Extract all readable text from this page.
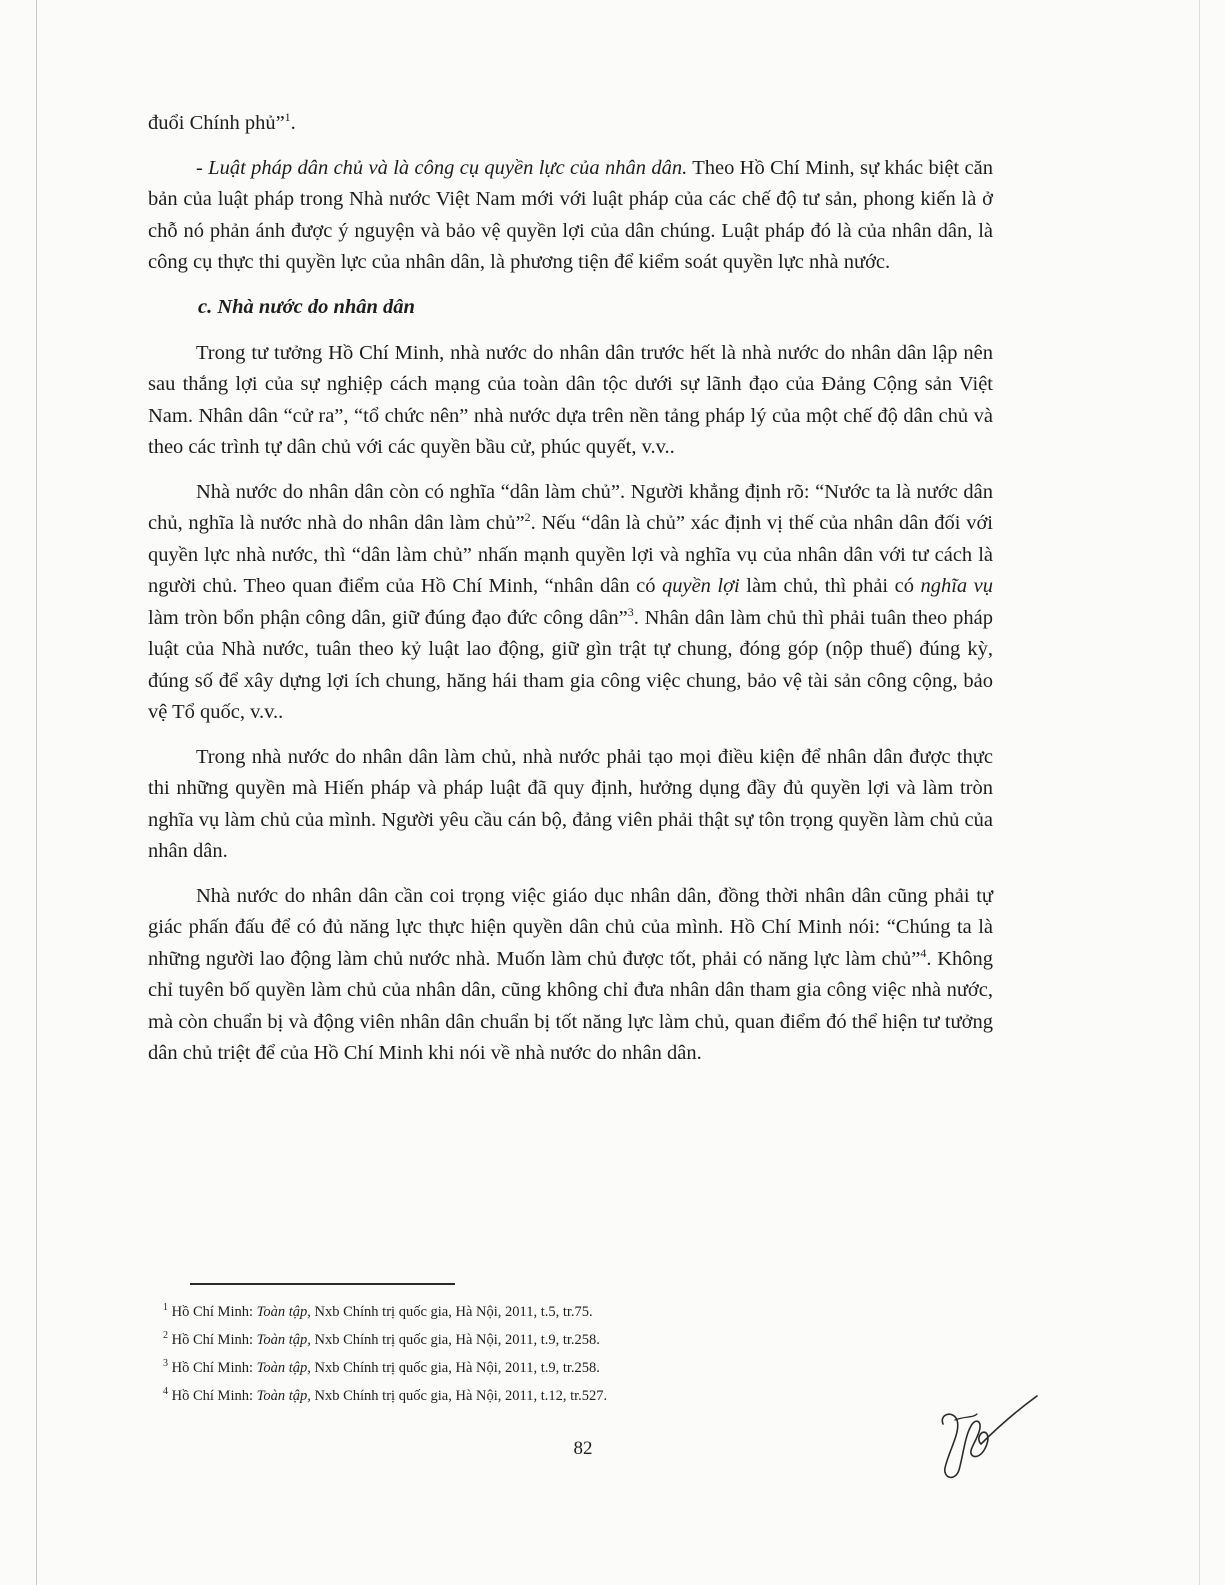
đuổi Chính phủ”$^1$.

- Luật pháp dân chủ và là công cụ quyền lực của nhân dân. Theo Hồ Chí Minh, sự khác biệt căn bản của luật pháp trong Nhà nước Việt Nam mới với luật pháp của các chế độ tư sản, phong kiến là ở chỗ nó phản ánh được ý nguyện và bảo vệ quyền lợi của dân chúng. Luật pháp đó là của nhân dân, là công cụ thực thi quyền lực của nhân dân, là phương tiện để kiểm soát quyền lực nhà nước.

c. Nhà nước do nhân dân

Trong tư tưởng Hồ Chí Minh, nhà nước do nhân dân trước hết là nhà nước do nhân dân lập nên sau thắng lợi của sự nghiệp cách mạng của toàn dân tộc dưới sự lãnh đạo của Đảng Cộng sản Việt Nam. Nhân dân “cử ra”, “tổ chức nên” nhà nước dựa trên nền tảng pháp lý của một chế độ dân chủ và theo các trình tự dân chủ với các quyền bầu cử, phúc quyết, v.v..

Nhà nước do nhân dân còn có nghĩa “dân làm chủ”. Người khẳng định rõ: “Nước ta là nước dân chủ, nghĩa là nước nhà do nhân dân làm chủ”$^2$. Nếu “dân là chủ” xác định vị thế của nhân dân đối với quyền lực nhà nước, thì “dân làm chủ” nhấn mạnh quyền lợi và nghĩa vụ của nhân dân với tư cách là người chủ. Theo quan điểm của Hồ Chí Minh, “nhân dân có quyền lợi làm chủ, thì phải có nghĩa vụ làm tròn bổn phận công dân, giữ đúng đạo đức công dân”$^3$. Nhân dân làm chủ thì phải tuân theo pháp luật của Nhà nước, tuân theo kỷ luật lao động, giữ gìn trật tự chung, đóng góp (nộp thuế) đúng kỳ, đúng số để xây dựng lợi ích chung, hăng hái tham gia công việc chung, bảo vệ tài sản công cộng, bảo vệ Tổ quốc, v.v..

Trong nhà nước do nhân dân làm chủ, nhà nước phải tạo mọi điều kiện để nhân dân được thực thi những quyền mà Hiến pháp và pháp luật đã quy định, hưởng dụng đầy đủ quyền lợi và làm tròn nghĩa vụ làm chủ của mình. Người yêu cầu cán bộ, đảng viên phải thật sự tôn trọng quyền làm chủ của nhân dân.

Nhà nước do nhân dân cần coi trọng việc giáo dục nhân dân, đồng thời nhân dân cũng phải tự giác phấn đấu để có đủ năng lực thực hiện quyền dân chủ của mình. Hồ Chí Minh nói: “Chúng ta là những người lao động làm chủ nước nhà. Muốn làm chủ được tốt, phải có năng lực làm chủ”$^4$. Không chỉ tuyên bố quyền làm chủ của nhân dân, cũng không chỉ đưa nhân dân tham gia công việc nhà nước, mà còn chuẩn bị và động viên nhân dân chuẩn bị tốt năng lực làm chủ, quan điểm đó thể hiện tư tưởng dân chủ triệt để của Hồ Chí Minh khi nói về nhà nước do nhân dân.

$^1$ Hồ Chí Minh: Toàn tập, Nxb Chính trị quốc gia, Hà Nội, 2011, t.5, tr.75.

$^2$ Hồ Chí Minh: Toàn tập, Nxb Chính trị quốc gia, Hà Nội, 2011, t.9, tr.258.

$^3$ Hồ Chí Minh: Toàn tập, Nxb Chính trị quốc gia, Hà Nội, 2011, t.9, tr.258.

$^4$ Hồ Chí Minh: Toàn tập, Nxb Chính trị quốc gia, Hà Nội, 2011, t.12, tr.527.

82
